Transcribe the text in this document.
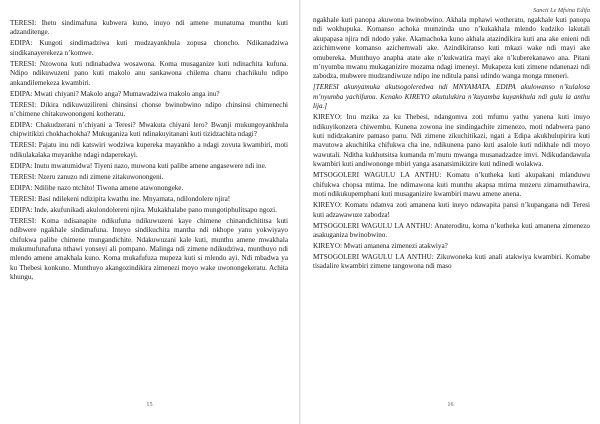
TERESI: Ihetu sindimafuna kubwera kuno, inuyo ndi amene munatuma munthu kuti adzanditenge.

EDIPA: Kungoti sindimadziwa kuti mudzayankhula zopusa choncho. Ndikanadziwa sindikanayerekeza n’komwe.

TERESI: Nzowona kuti ndinabadwa wosawona. Koma musaganize kuti ndinachita kufuna. Ndipo ndikuwuzeni pano kuti makolo anu sankawona chilema chanu chachikulu ndipo ankandilemekeza kwambiri.

EDIPA: Mwati chiyani? Makolo anga? Mumawadziwa makolo anga inu?

TERESI: Dikira ndikuwuzilireni chinsinsi chonse bwinobwino ndipo chinsinsi chimenechi n’chimene chitakuwonongeni kotheratu.

EDIPA: Chakudzerani n’chiyani a Teresi? Mwakuta chiyani lero? Bwanji mukungoyankhula chipwitikizi chokhachokha? Mukuganiza kuti ndinakuyitanani kuti tizidzachita ndagi?

TERESI: Pajatu inu ndi katswiri wodziwa kupereka mayankho a ndagi zovuta kwambiri, moti ndikulakalaka muyankhe ndagi ndaperekayi.

EDIPA: Inutu mwatumidwa! Tiyeni nazo, muwona kuti palibe amene angasewere ndi ine.

TERESI: Nzeru zanuzo ndi zimene zitakuwonongeni.

EDIPA: Ndilibe nazo ntchito! Tiwona amene atawonongeke.

TERESI: Basi ndilekeni ndizipita kwathu ine. Mnyamata, ndilondolere njira!

EDIPA: Inde, akufunikadi akulondolereni njira. Mukakhalabe pano mungotiphulitsapo ngozi.

TERESI: Koma ndisanapite ndikufuna ndikuwuzeni kaye chimene chinandichititsa kuti ndibwere ngakhale sindimafuna. Inteyo sindikuchita mantha ndi nkhope yanu yokwiyayo chifukwa palibe chimene mungandichite. Ndakuwuzani kale kuti, munthu amene mwakhala mukumufunafuna nthawi yonseyi ali pompano. Malinga ndi zimene ndikudziwa, munthuyo ndi mlendo amene amakhala kuno. Koma mukafufuza mupeza kuti si mlendo ayi. Ndi mbadwa ya ku Thebesi konkuno. Munthuyo akangozindikira zimenezi moyo wake uwonongekeratu. Achita khungu,

15
Sancti Le Mfsina Edifa

ngakhale kuti panopa akuwona bwinobwino. Akhala mphawi wotheratu, ngakhale kuti panopa ndi wokhupuka. Komanso achoka mumzinda uno n’kukakhala mlendo kudziko lakutali akupapasa njira ndi ndodo yake. Akamachoka kuno akhala atazindikira kuti ana ake enieni ndi azichimwene komanso azichemwali ake. Azindikiranso kuti mkazi wake ndi mayi ake omubereka. Munthuyo anapha atate ake n’kukwatira mayi ake n’kuberekanawo ana. Pitani m’nyumba mwanu mukaganizire mozama ndagi imeneyi. Mukapeza kuti zimene ndanenazi ndi zabodza, mubwere mudzandiwuze ndipo ine nditula pansi udindo wanga monga mneneri.

[TERESI akunyamuka akutsogoleredwa ndi MNYAMATA. EDIPA akulowanso n’kulalosa m’nyumba yachifumu. Kenako KIREYO akutulukira n’kuyamba kuyankhula ndi gulu la anthu lija.]

KIREYO: Inu mzika za ku Thebesi, ndangomva zoti mfumu yathu yanena kuti inuyo ndikuyikonzera chiwembu. Kunena zowona ine sindingachite zimenezo, moti ndabwera pano kuti ndidzakanire pamaso panu. Ndi zimene zikuchitikazi, ngati a Edipa akukhulupirira kuti mavutowa akuchitika chifukwa cha ine, ndikunena pano kuti asalole kuti ndikhale ndi moyo wawutali. Nditha kukhutsitsa kumanda m’mutu mwanga musanadzadze imvi. Ndikudandawula kwambiri kuti andiwononge mbiri yanga asanatsimikizire kuti ndinedi wolakwa.

MTSOGOLERI WAGULU LA ANTHU: Komatu n’kutheka kuti akupakani mlanduwu chifukwa chopsa mtima. Ine ndimawona kuti munthu akapsa mtima mnzeru zimamuthawira, moti ndikukupemphani kuti musaganizire kwambiri mawu amene anena.

KIREYO: Komatu ndamva zoti amanena kuti ineyo ndawapita pansi n’kupangana ndi Teresi kuti adzawawuze zabodza!

MTSOGOLERI WAGULU LA ANTHU: Anateroditu, koma n’kutheka kuti amanena zimenezo asakuganiza bwinobwino.

KIREYO: Mwati amanena zimenezi atakwiya?

MTSOGOLERI WAGULU LA ANTHU: Zikuwoneka kuti anali atakwiya kwambiri. Komabe tisadalire kwambiri zimene tangowona ndi maso

16
